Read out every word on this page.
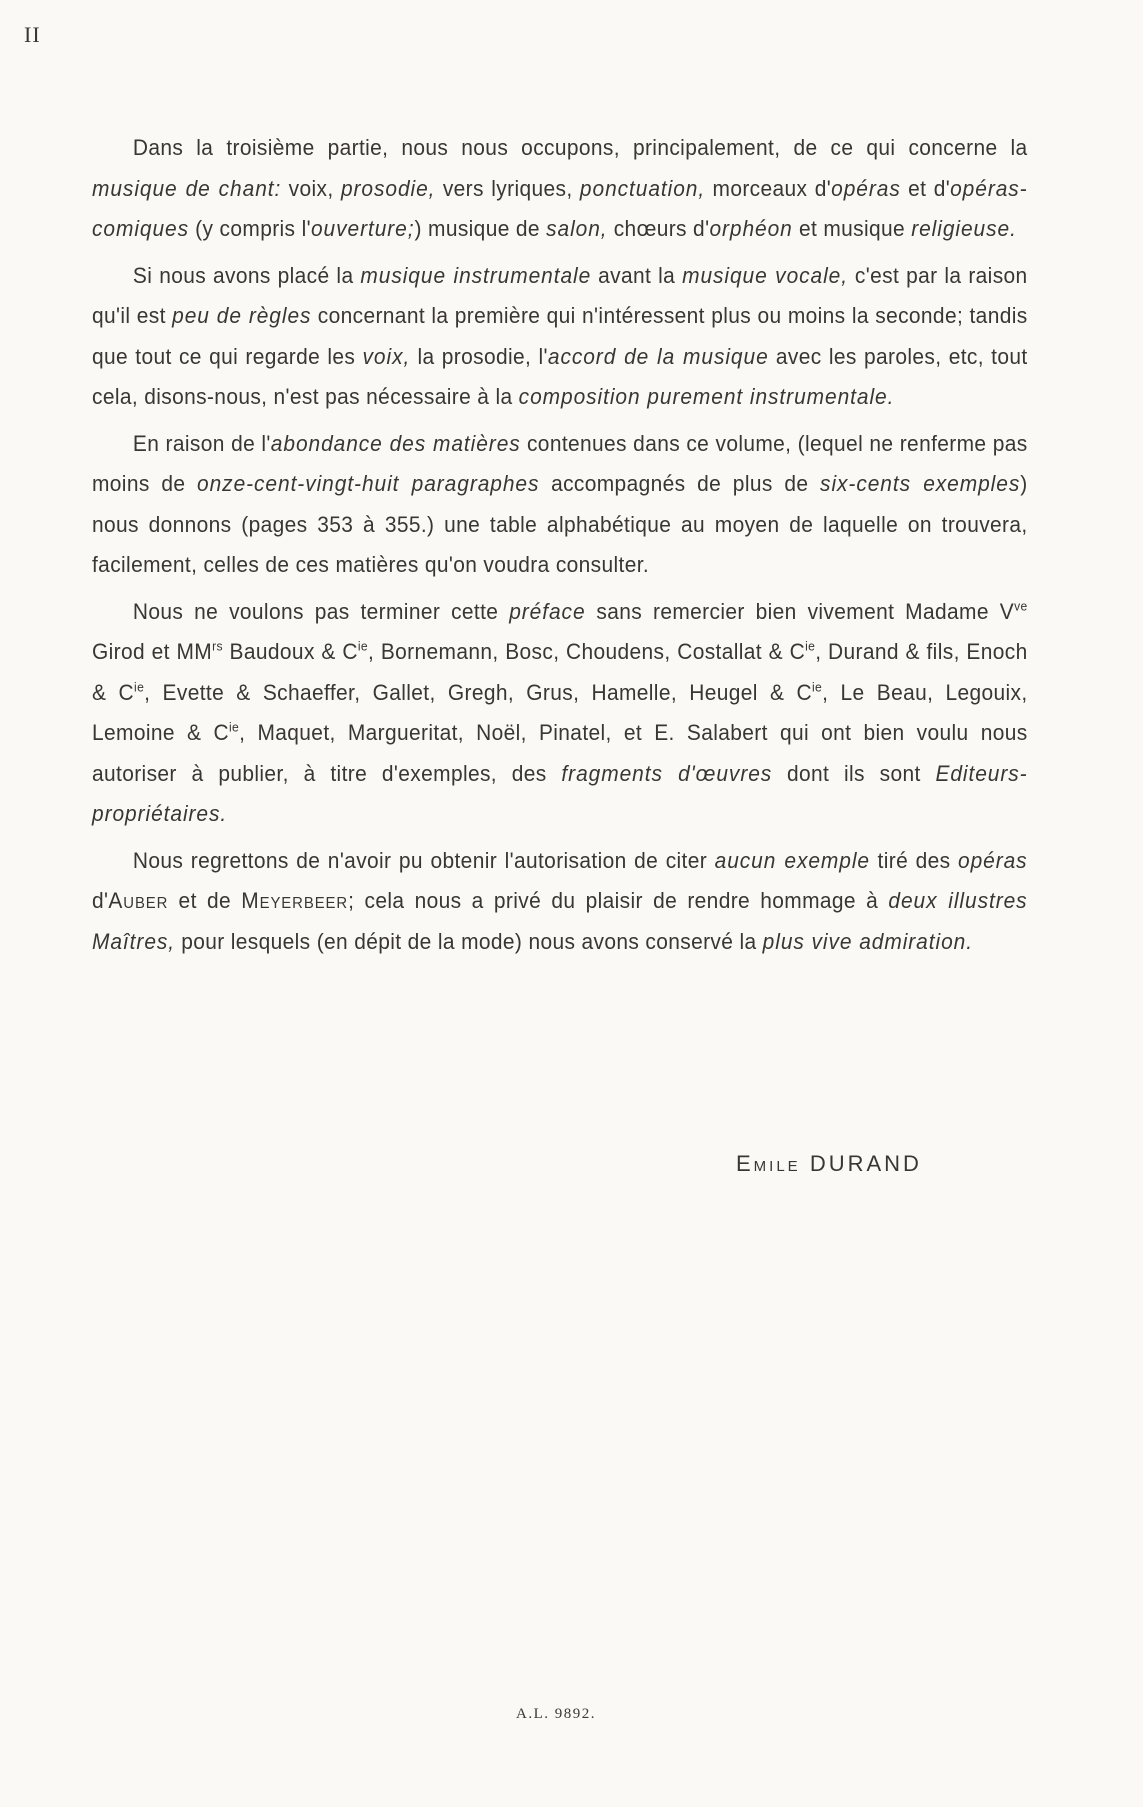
II

Dans la troisième partie, nous nous occupons, principalement, de ce qui concerne la musique de chant: voix, prosodie, vers lyriques, ponctuation, morceaux d'opéras et d'opéras-comiques (y compris l'ouverture;) musique de salon, chœurs d'orphéon et musique religieuse.

Si nous avons placé la musique instrumentale avant la musique vocale, c'est par la raison qu'il est peu de règles concernant la première qui n'intéressent plus ou moins la seconde; tandis que tout ce qui regarde les voix, la prosodie, l'accord de la musique avec les paroles, etc, tout cela, disons-nous, n'est pas nécessaire à la composition purement instrumentale.

En raison de l'abondance des matières contenues dans ce volume, (lequel ne renferme pas moins de onze-cent-vingt-huit paragraphes accompagnés de plus de six-cents exemples) nous donnons (pages 353 à 355.) une table alphabétique au moyen de laquelle on trouvera, facilement, celles de ces matières qu'on voudra consulter.

Nous ne voulons pas terminer cette préface sans remercier bien vivement Madame $V^{ve}$ Girod et $MM^{rs}$ Baudoux & $C^{ie}$, Bornemann, Bosc, Choudens, Costallat & $C^{ie}$, Durand & fils, Enoch & $C^{ie}$, Evette & Schaeffer, Gallet, Gregh, Grus, Hamelle, Heugel & $C^{ie}$, Le Beau, Legouix, Lemoine & $C^{ie}$, Maquet, Margueritat, Noël, Pinatel, et E. Salabert qui ont bien voulu nous autoriser à publier, à titre d'exemples, des fragments d'œuvres dont ils sont Editeurs-propriétaires.

Nous regrettons de n'avoir pu obtenir l'autorisation de citer aucun exemple tiré des opéras d'Auber et de Meyerbeer; cela nous a privé du plaisir de rendre hommage à deux illustres Maîtres, pour lesquels (en dépit de la mode) nous avons conservé la plus vive admiration.

Emile DURAND
A.L. 9892.
